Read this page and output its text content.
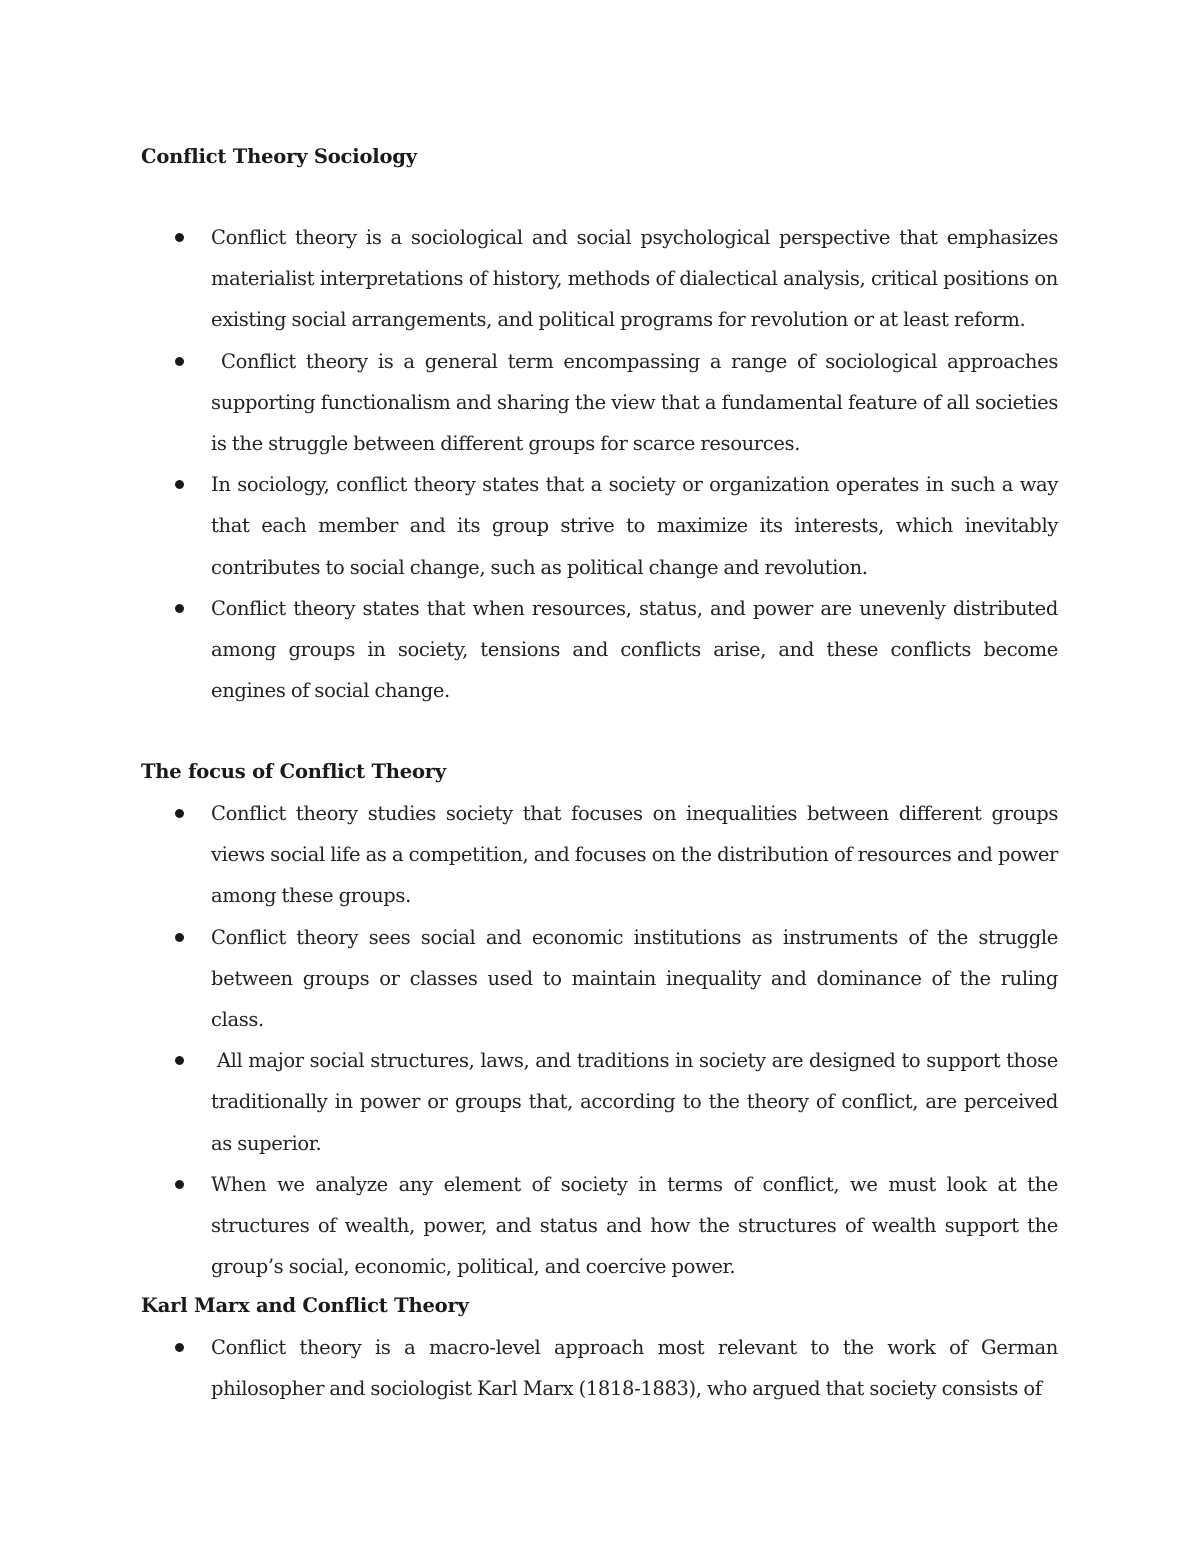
Conflict Theory Sociology
Conflict theory is a sociological and social psychological perspective that emphasizes materialist interpretations of history, methods of dialectical analysis, critical positions on existing social arrangements, and political programs for revolution or at least reform.
Conflict theory is a general term encompassing a range of sociological approaches supporting functionalism and sharing the view that a fundamental feature of all societies is the struggle between different groups for scarce resources.
In sociology, conflict theory states that a society or organization operates in such a way that each member and its group strive to maximize its interests, which inevitably contributes to social change, such as political change and revolution.
Conflict theory states that when resources, status, and power are unevenly distributed among groups in society, tensions and conflicts arise, and these conflicts become engines of social change.
The focus of Conflict Theory
Conflict theory studies society that focuses on inequalities between different groups views social life as a competition, and focuses on the distribution of resources and power among these groups.
Conflict theory sees social and economic institutions as instruments of the struggle between groups or classes used to maintain inequality and dominance of the ruling class.
All major social structures, laws, and traditions in society are designed to support those traditionally in power or groups that, according to the theory of conflict, are perceived as superior.
When we analyze any element of society in terms of conflict, we must look at the structures of wealth, power, and status and how the structures of wealth support the group’s social, economic, political, and coercive power.
Karl Marx and Conflict Theory
Conflict theory is a macro-level approach most relevant to the work of German philosopher and sociologist Karl Marx (1818-1883), who argued that society consists of
